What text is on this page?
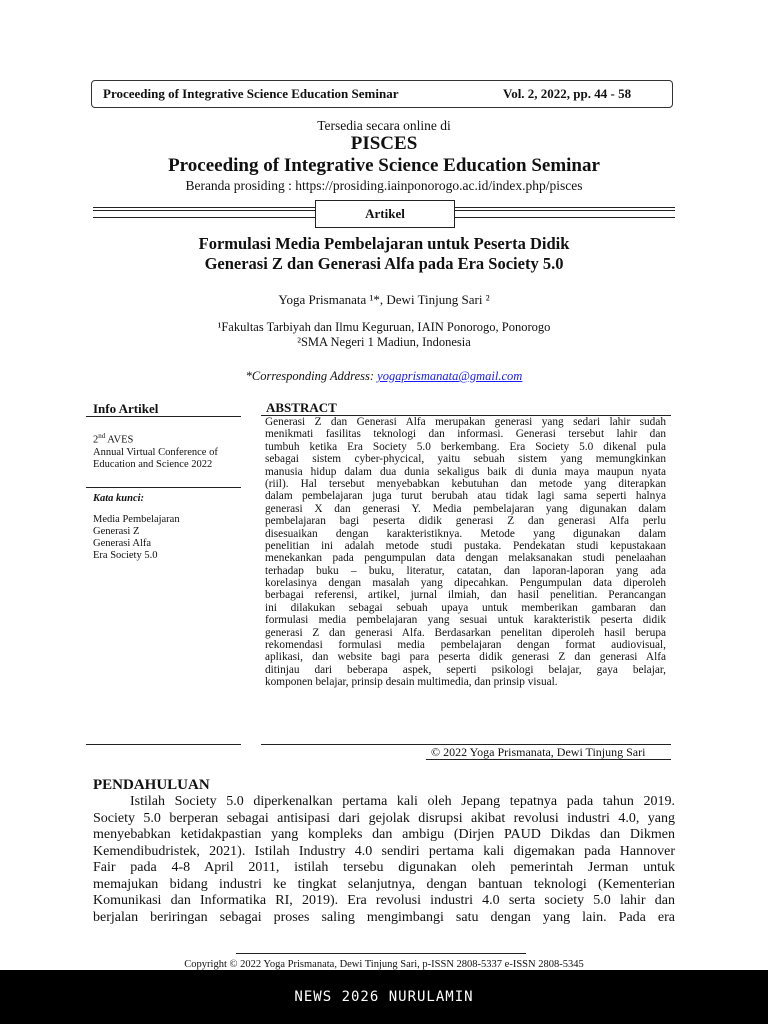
Proceeding of Integrative Science Education Seminar	Vol. 2, 2022, pp. 44 - 58
Tersedia secara online di
PISCES
Proceeding of Integrative Science Education Seminar
Beranda prosiding : https://prosiding.iainponorogo.ac.id/index.php/pisces
Artikel
Formulasi Media Pembelajaran untuk Peserta Didik
Generasi Z dan Generasi Alfa pada Era Society 5.0
Yoga Prismanata ¹*, Dewi Tinjung Sari ²
¹Fakultas Tarbiyah dan Ilmu Keguruan, IAIN Ponorogo, Ponorogo
²SMA Negeri 1 Madiun, Indonesia
*Corresponding Address: yogaprismanata@gmail.com
Info Artikel
2nd AVES
Annual Virtual Conference of
Education and Science 2022
Kata kunci:
Media Pembelajaran
Generasi Z
Generasi Alfa
Era Society 5.0
ABSTRACT

Generasi Z dan Generasi Alfa merupakan generasi yang sedari lahir sudah

menikmati fasilitas teknologi dan informasi. Generasi tersebut lahir dan

tumbuh ketika Era Society 5.0 berkembang. Era Society 5.0 dikenal pula

sebagai sistem cyber-phycical, yaitu sebuah sistem yang memungkinkan

manusia hidup dalam dua dunia sekaligus baik di dunia maya maupun nyata

(riil). Hal tersebut menyebabkan kebutuhan dan metode yang diterapkan

dalam pembelajaran juga turut berubah atau tidak lagi sama seperti halnya

generasi X dan generasi Y. Media pembelajaran yang digunakan dalam

pembelajaran bagi peserta didik generasi Z dan generasi Alfa perlu

disesuaikan dengan karakteristiknya. Metode yang digunakan dalam

penelitian ini adalah metode studi pustaka. Pendekatan studi kepustakaan

menekankan pada pengumpulan data dengan melaksanakan studi penelaahan

terhadap buku – buku, literatur, catatan, dan laporan-laporan yang ada

korelasinya dengan masalah yang dipecahkan. Pengumpulan data diperoleh

berbagai referensi, artikel, jurnal ilmiah, dan hasil penelitian. Perancangan

ini dilakukan sebagai sebuah upaya untuk memberikan gambaran dan

formulasi media pembelajaran yang sesuai untuk karakteristik peserta didik

generasi Z dan generasi Alfa. Berdasarkan penelitan diperoleh hasil berupa

rekomendasi formulasi media pembelajaran dengan format audiovisual,

aplikasi, dan website bagi para peserta didik generasi Z dan generasi Alfa

ditinjau dari beberapa aspek, seperti psikologi belajar, gaya belajar,

komponen belajar, prinsip desain multimedia, dan prinsip visual.

© 2022 Yoga Prismanata, Dewi Tinjung Sari
PENDAHULUAN

Istilah Society 5.0 diperkenalkan pertama kali oleh Jepang tepatnya pada tahun 2019.

Society 5.0 berperan sebagai antisipasi dari gejolak disrupsi akibat revolusi industri 4.0, yang

menyebabkan ketidakpastian yang kompleks dan ambigu (Dirjen PAUD Dikdas dan Dikmen

Kemendibudristek, 2021). Istilah Industry 4.0 sendiri pertama kali digemakan pada Hannover

Fair pada 4-8 April 2011, istilah tersebu digunakan oleh pemerintah Jerman untuk

memajukan bidang industri ke tingkat selanjutnya, dengan bantuan teknologi (Kementerian

Komunikasi dan Informatika RI, 2019). Era revolusi industri 4.0 serta society 5.0 lahir dan

berjalan beriringan sebagai proses saling mengimbangi satu dengan yang lain. Pada era

Copyright © 2022 Yoga Prismanata, Dewi Tinjung Sari, p-ISSN 2808-5337 e-ISSN 2808-5345
NEWS 2026 NURULAMIN
